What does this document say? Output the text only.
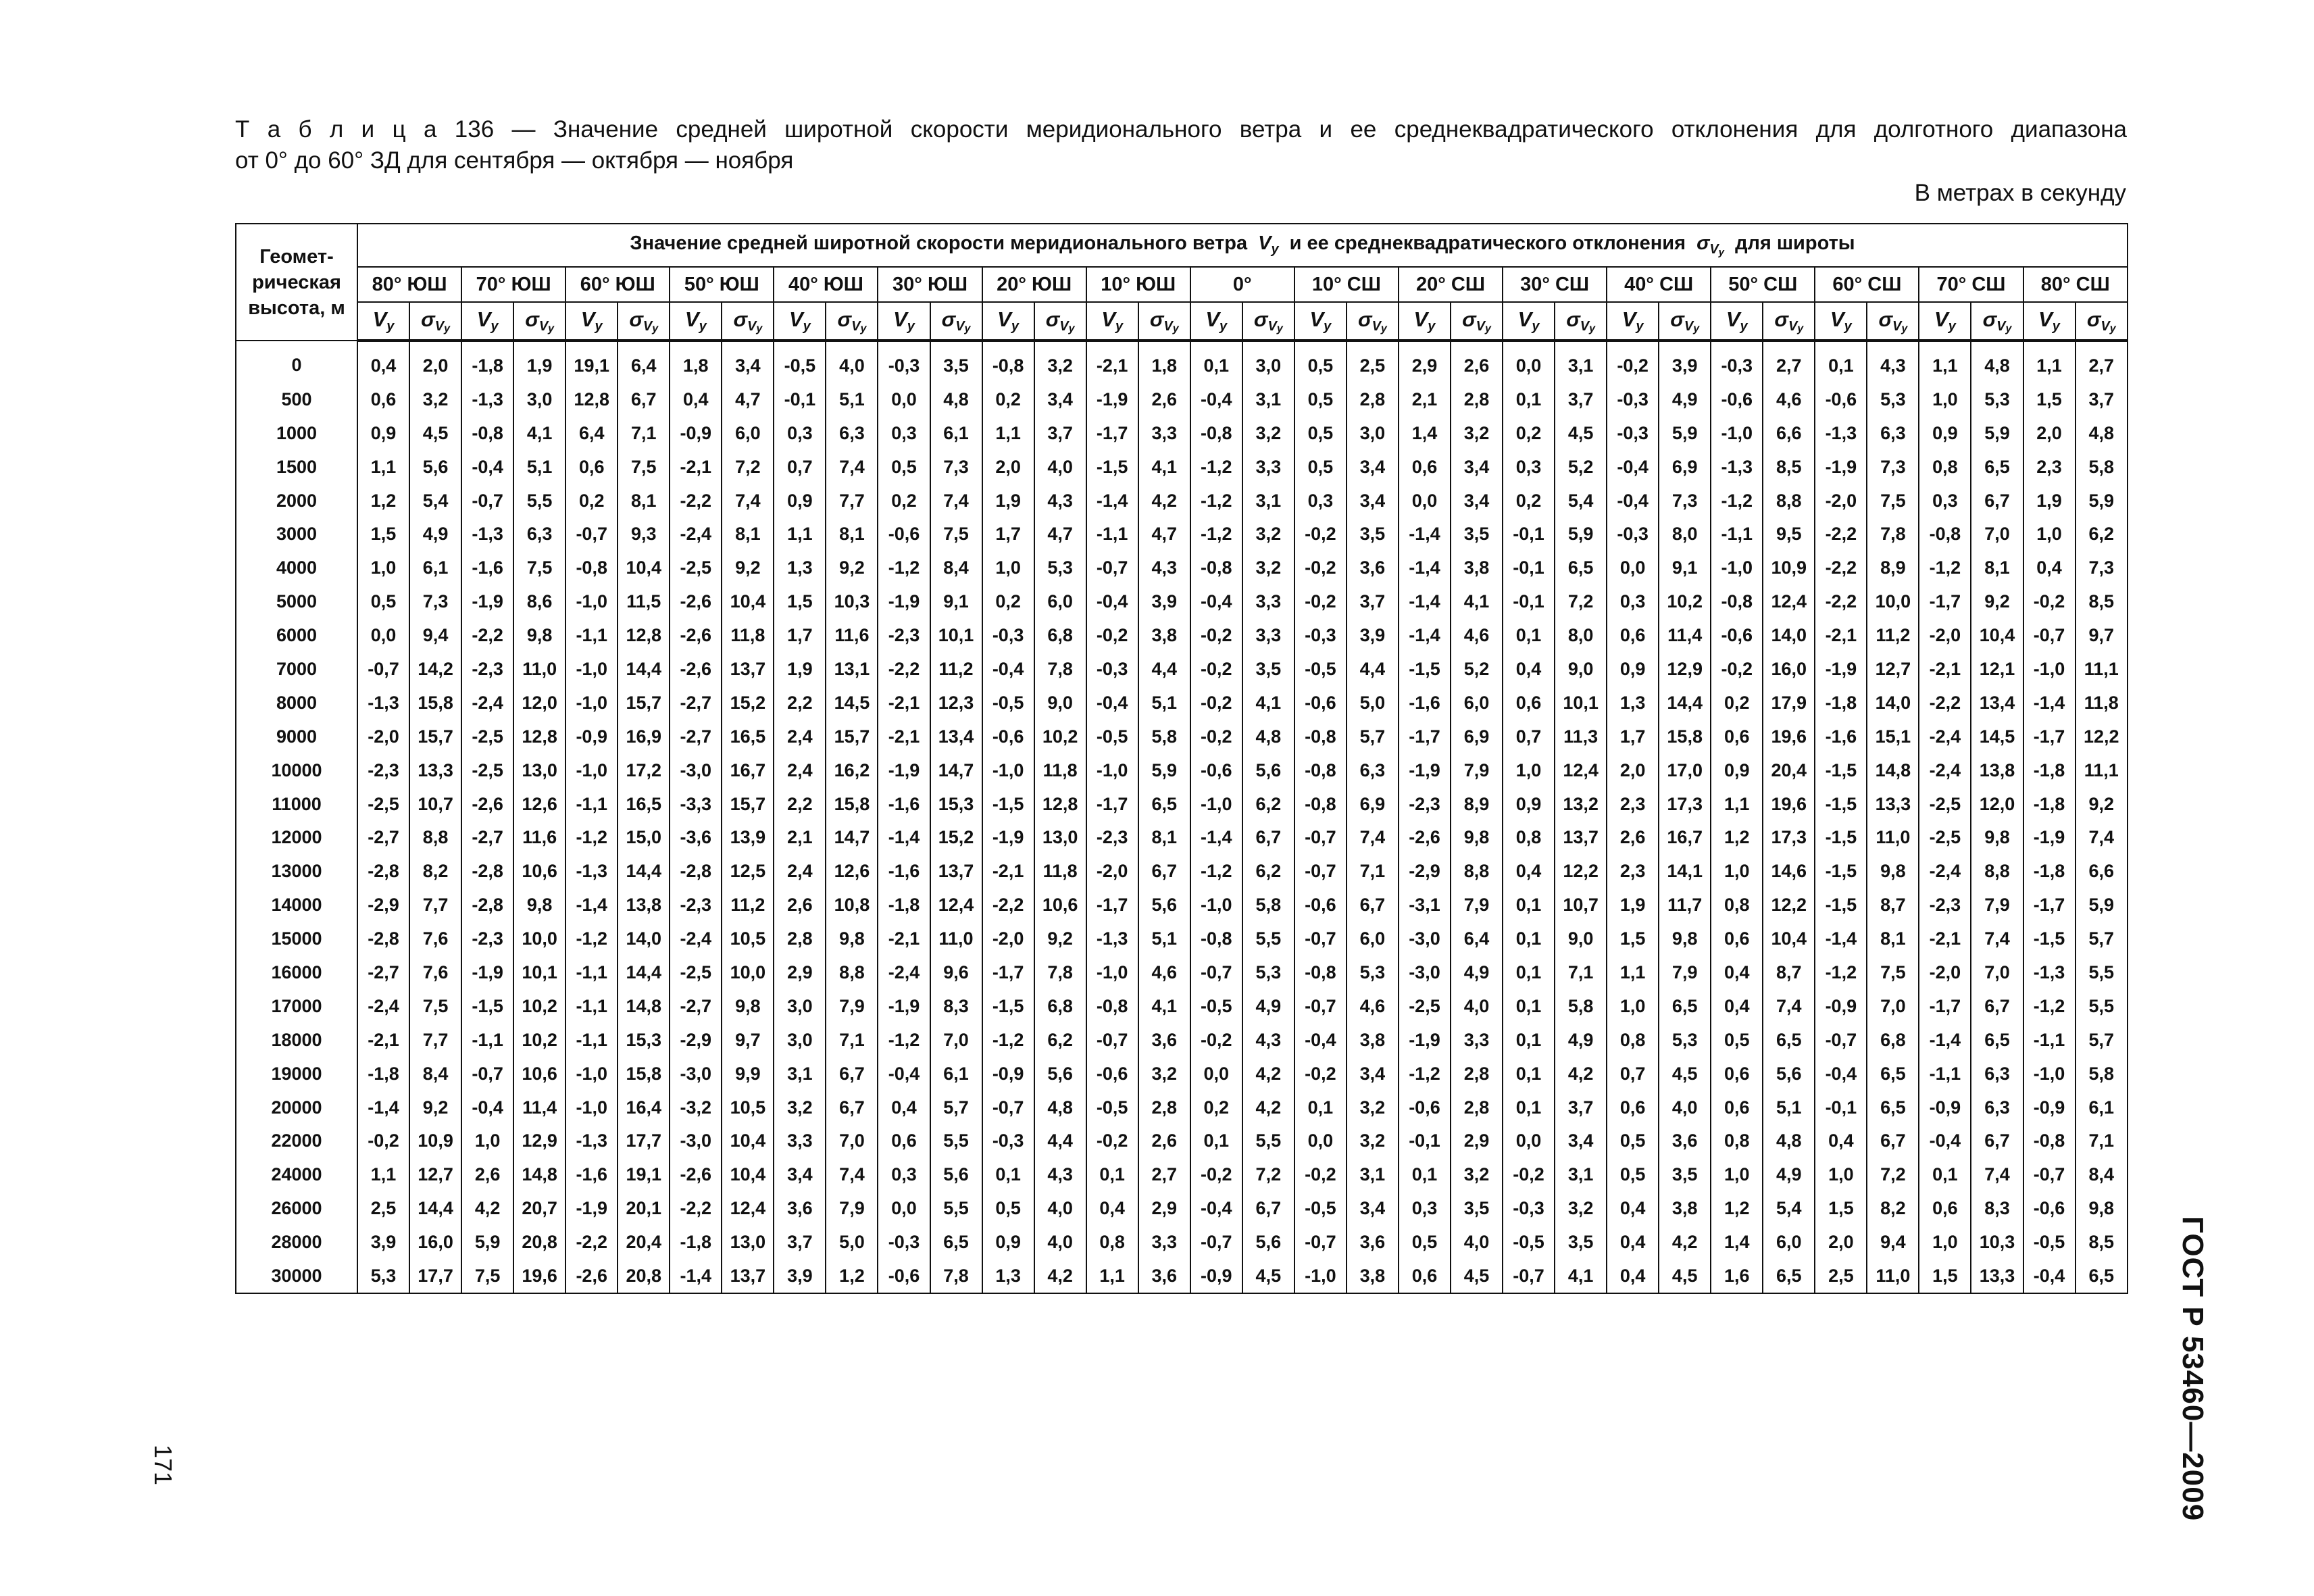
Т а б л и ц а 136 — Значение средней широтной скорости меридионального ветра и ее среднеквадратического отклонения для долготного диапазона
от 0° до 60° ЗД для сентября — октября — ноября
В метрах в секунду
Геомет-
рическая
высота, м	Значение средней широтной скорости меридионального ветра $V_y$ и ее среднеквадратического отклонения $\sigma_{Vy}$ для широты																																	
	80° ЮШ		70° ЮШ		60° ЮШ		50° ЮШ		40° ЮШ		30° ЮШ		20° ЮШ		10° ЮШ		0°		10° СШ		20° СШ		30° СШ		40° СШ		50° СШ		60° СШ		70° СШ		80° СШ	
	$V_y$	$\sigma_{Vy}$	$V_y$	$\sigma_{Vy}$	$V_y$	$\sigma_{Vy}$	$V_y$	$\sigma_{Vy}$	$V_y$	$\sigma_{Vy}$	$V_y$	$\sigma_{Vy}$	$V_y$	$\sigma_{Vy}$	$V_y$	$\sigma_{Vy}$	$V_y$	$\sigma_{Vy}$	$V_y$	$\sigma_{Vy}$	$V_y$	$\sigma_{Vy}$	$V_y$	$\sigma_{Vy}$	$V_y$	$\sigma_{Vy}$	$V_y$	$\sigma_{Vy}$	$V_y$	$\sigma_{Vy}$	$V_y$	$\sigma_{Vy}$	$V_y$	$\sigma_{Vy}$
0	0,4	2,0	-1,8	1,9	19,1	6,4	1,8	3,4	-0,5	4,0	-0,3	3,5	-0,8	3,2	-2,1	1,8	0,1	3,0	0,5	2,5	2,9	2,6	0,0	3,1	-0,2	3,9	-0,3	2,7	0,1	4,3	1,1	4,8	1,1	2,7
500	0,6	3,2	-1,3	3,0	12,8	6,7	0,4	4,7	-0,1	5,1	0,0	4,8	0,2	3,4	-1,9	2,6	-0,4	3,1	0,5	2,8	2,1	2,8	0,1	3,7	-0,3	4,9	-0,6	4,6	-0,6	5,3	1,0	5,3	1,5	3,7
1000	0,9	4,5	-0,8	4,1	6,4	7,1	-0,9	6,0	0,3	6,3	0,3	6,1	1,1	3,7	-1,7	3,3	-0,8	3,2	0,5	3,0	1,4	3,2	0,2	4,5	-0,3	5,9	-1,0	6,6	-1,3	6,3	0,9	5,9	2,0	4,8
1500	1,1	5,6	-0,4	5,1	0,6	7,5	-2,1	7,2	0,7	7,4	0,5	7,3	2,0	4,0	-1,5	4,1	-1,2	3,3	0,5	3,4	0,6	3,4	0,3	5,2	-0,4	6,9	-1,3	8,5	-1,9	7,3	0,8	6,5	2,3	5,8
2000	1,2	5,4	-0,7	5,5	0,2	8,1	-2,2	7,4	0,9	7,7	0,2	7,4	1,9	4,3	-1,4	4,2	-1,2	3,1	0,3	3,4	0,0	3,4	0,2	5,4	-0,4	7,3	-1,2	8,8	-2,0	7,5	0,3	6,7	1,9	5,9
3000	1,5	4,9	-1,3	6,3	-0,7	9,3	-2,4	8,1	1,1	8,1	-0,6	7,5	1,7	4,7	-1,1	4,7	-1,2	3,2	-0,2	3,5	-1,4	3,5	-0,1	5,9	-0,3	8,0	-1,1	9,5	-2,2	7,8	-0,8	7,0	1,0	6,2
4000	1,0	6,1	-1,6	7,5	-0,8	10,4	-2,5	9,2	1,3	9,2	-1,2	8,4	1,0	5,3	-0,7	4,3	-0,8	3,2	-0,2	3,6	-1,4	3,8	-0,1	6,5	0,0	9,1	-1,0	10,9	-2,2	8,9	-1,2	8,1	0,4	7,3
5000	0,5	7,3	-1,9	8,6	-1,0	11,5	-2,6	10,4	1,5	10,3	-1,9	9,1	0,2	6,0	-0,4	3,9	-0,4	3,3	-0,2	3,7	-1,4	4,1	-0,1	7,2	0,3	10,2	-0,8	12,4	-2,2	10,0	-1,7	9,2	-0,2	8,5
6000	0,0	9,4	-2,2	9,8	-1,1	12,8	-2,6	11,8	1,7	11,6	-2,3	10,1	-0,3	6,8	-0,2	3,8	-0,2	3,3	-0,3	3,9	-1,4	4,6	0,1	8,0	0,6	11,4	-0,6	14,0	-2,1	11,2	-2,0	10,4	-0,7	9,7
7000	-0,7	14,2	-2,3	11,0	-1,0	14,4	-2,6	13,7	1,9	13,1	-2,2	11,2	-0,4	7,8	-0,3	4,4	-0,2	3,5	-0,5	4,4	-1,5	5,2	0,4	9,0	0,9	12,9	-0,2	16,0	-1,9	12,7	-2,1	12,1	-1,0	11,1
8000	-1,3	15,8	-2,4	12,0	-1,0	15,7	-2,7	15,2	2,2	14,5	-2,1	12,3	-0,5	9,0	-0,4	5,1	-0,2	4,1	-0,6	5,0	-1,6	6,0	0,6	10,1	1,3	14,4	0,2	17,9	-1,8	14,0	-2,2	13,4	-1,4	11,8
9000	-2,0	15,7	-2,5	12,8	-0,9	16,9	-2,7	16,5	2,4	15,7	-2,1	13,4	-0,6	10,2	-0,5	5,8	-0,2	4,8	-0,8	5,7	-1,7	6,9	0,7	11,3	1,7	15,8	0,6	19,6	-1,6	15,1	-2,4	14,5	-1,7	12,2
10000	-2,3	13,3	-2,5	13,0	-1,0	17,2	-3,0	16,7	2,4	16,2	-1,9	14,7	-1,0	11,8	-1,0	5,9	-0,6	5,6	-0,8	6,3	-1,9	7,9	1,0	12,4	2,0	17,0	0,9	20,4	-1,5	14,8	-2,4	13,8	-1,8	11,1
11000	-2,5	10,7	-2,6	12,6	-1,1	16,5	-3,3	15,7	2,2	15,8	-1,6	15,3	-1,5	12,8	-1,7	6,5	-1,0	6,2	-0,8	6,9	-2,3	8,9	0,9	13,2	2,3	17,3	1,1	19,6	-1,5	13,3	-2,5	12,0	-1,8	9,2
12000	-2,7	8,8	-2,7	11,6	-1,2	15,0	-3,6	13,9	2,1	14,7	-1,4	15,2	-1,9	13,0	-2,3	8,1	-1,4	6,7	-0,7	7,4	-2,6	9,8	0,8	13,7	2,6	16,7	1,2	17,3	-1,5	11,0	-2,5	9,8	-1,9	7,4
13000	-2,8	8,2	-2,8	10,6	-1,3	14,4	-2,8	12,5	2,4	12,6	-1,6	13,7	-2,1	11,8	-2,0	6,7	-1,2	6,2	-0,7	7,1	-2,9	8,8	0,4	12,2	2,3	14,1	1,0	14,6	-1,5	9,8	-2,4	8,8	-1,8	6,6
14000	-2,9	7,7	-2,8	9,8	-1,4	13,8	-2,3	11,2	2,6	10,8	-1,8	12,4	-2,2	10,6	-1,7	5,6	-1,0	5,8	-0,6	6,7	-3,1	7,9	0,1	10,7	1,9	11,7	0,8	12,2	-1,5	8,7	-2,3	7,9	-1,7	5,9
15000	-2,8	7,6	-2,3	10,0	-1,2	14,0	-2,4	10,5	2,8	9,8	-2,1	11,0	-2,0	9,2	-1,3	5,1	-0,8	5,5	-0,7	6,0	-3,0	6,4	0,1	9,0	1,5	9,8	0,6	10,4	-1,4	8,1	-2,1	7,4	-1,5	5,7
16000	-2,7	7,6	-1,9	10,1	-1,1	14,4	-2,5	10,0	2,9	8,8	-2,4	9,6	-1,7	7,8	-1,0	4,6	-0,7	5,3	-0,8	5,3	-3,0	4,9	0,1	7,1	1,1	7,9	0,4	8,7	-1,2	7,5	-2,0	7,0	-1,3	5,5
17000	-2,4	7,5	-1,5	10,2	-1,1	14,8	-2,7	9,8	3,0	7,9	-1,9	8,3	-1,5	6,8	-0,8	4,1	-0,5	4,9	-0,7	4,6	-2,5	4,0	0,1	5,8	1,0	6,5	0,4	7,4	-0,9	7,0	-1,7	6,7	-1,2	5,5
18000	-2,1	7,7	-1,1	10,2	-1,1	15,3	-2,9	9,7	3,0	7,1	-1,2	7,0	-1,2	6,2	-0,7	3,6	-0,2	4,3	-0,4	3,8	-1,9	3,3	0,1	4,9	0,8	5,3	0,5	6,5	-0,7	6,8	-1,4	6,5	-1,1	5,7
19000	-1,8	8,4	-0,7	10,6	-1,0	15,8	-3,0	9,9	3,1	6,7	-0,4	6,1	-0,9	5,6	-0,6	3,2	0,0	4,2	-0,2	3,4	-1,2	2,8	0,1	4,2	0,7	4,5	0,6	5,6	-0,4	6,5	-1,1	6,3	-1,0	5,8
20000	-1,4	9,2	-0,4	11,4	-1,0	16,4	-3,2	10,5	3,2	6,7	0,4	5,7	-0,7	4,8	-0,5	2,8	0,2	4,2	0,1	3,2	-0,6	2,8	0,1	3,7	0,6	4,0	0,6	5,1	-0,1	6,5	-0,9	6,3	-0,9	6,1
22000	-0,2	10,9	1,0	12,9	-1,3	17,7	-3,0	10,4	3,3	7,0	0,6	5,5	-0,3	4,4	-0,2	2,6	0,1	5,5	0,0	3,2	-0,1	2,9	0,0	3,4	0,5	3,6	0,8	4,8	0,4	6,7	-0,4	6,7	-0,8	7,1
24000	1,1	12,7	2,6	14,8	-1,6	19,1	-2,6	10,4	3,4	7,4	0,3	5,6	0,1	4,3	0,1	2,7	-0,2	7,2	-0,2	3,1	0,1	3,2	-0,2	3,1	0,5	3,5	1,0	4,9	1,0	7,2	0,1	7,4	-0,7	8,4
26000	2,5	14,4	4,2	20,7	-1,9	20,1	-2,2	12,4	3,6	7,9	0,0	5,5	0,5	4,0	0,4	2,9	-0,4	6,7	-0,5	3,4	0,3	3,5	-0,3	3,2	0,4	3,8	1,2	5,4	1,5	8,2	0,6	8,3	-0,6	9,8
28000	3,9	16,0	5,9	20,8	-2,2	20,4	-1,8	13,0	3,7	5,0	-0,3	6,5	0,9	4,0	0,8	3,3	-0,7	5,6	-0,7	3,6	0,5	4,0	-0,5	3,5	0,4	4,2	1,4	6,0	2,0	9,4	1,0	10,3	-0,5	8,5
30000	5,3	17,7	7,5	19,6	-2,6	20,8	-1,4	13,7	3,9	1,2	-0,6	7,8	1,3	4,2	1,1	3,6	-0,9	4,5	-1,0	3,8	0,6	4,5	-0,7	4,1	0,4	4,5	1,6	6,5	2,5	11,0	1,5	13,3	-0,4	6,5
171	ГОСТ Р 53460—2009
